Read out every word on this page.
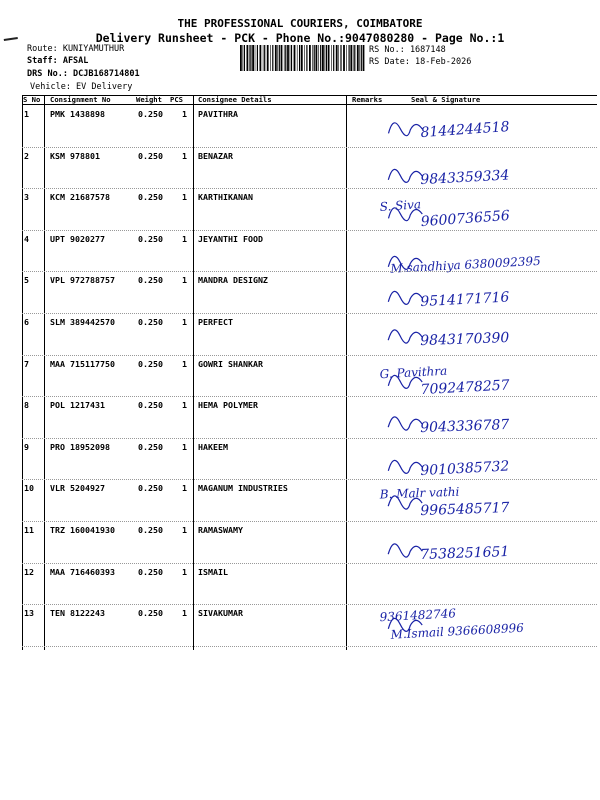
THE PROFESSIONAL COURIERS, COIMBATORE
Delivery Runsheet - PCK - Phone No.:9047080280 - Page No.:1
Route: KUNIYAMUTHUR
Staff: AFSAL
DRS No.: DCJB168714801
Vehicle: EV Delivery
RS No.: 1687148
RS Date: 18-Feb-2026
S No Consignment No	Weight PCS Consignee Details	Remarks	Seal & Signature
1	PMK 1438898	0.250 1 PAVITHRA
8144244518
2	KSM 978801	0.250 1 BENAZAR
9843359334
3	KCM 21687578	0.250 1 KARTHIKANAN
S. Siva
9600736556
4	UPT 9020277	0.250 1 JEYANTHI FOOD
M.sandhiya 6380092395
5	VPL 972788757	0.250 1 MANDRA DESIGNZ
9514171716
6	SLM 389442570	0.250 1 PERFECT
9843170390
7	MAA 715117750	0.250 1 GOWRI SHANKAR	G. Pavithra
7092478257
8	POL 1217431	0.250 1 HEMA POLYMER
9043336787
9	PRO 18952098	0.250 1 HAKEEM
9010385732
10 VLR 5204927	0.250 1 MAGANUM INDUSTRIES	B. Malr vathi
9965485717
11 TRZ 160041930	0.250 1 RAMASWAMY
7538251651
12 MAA 716460393	0.250 1 ISMAIL
13 TEN 8122243	0.250 1 SIVAKUMAR	9361482746
M.Ismail 9366608996
